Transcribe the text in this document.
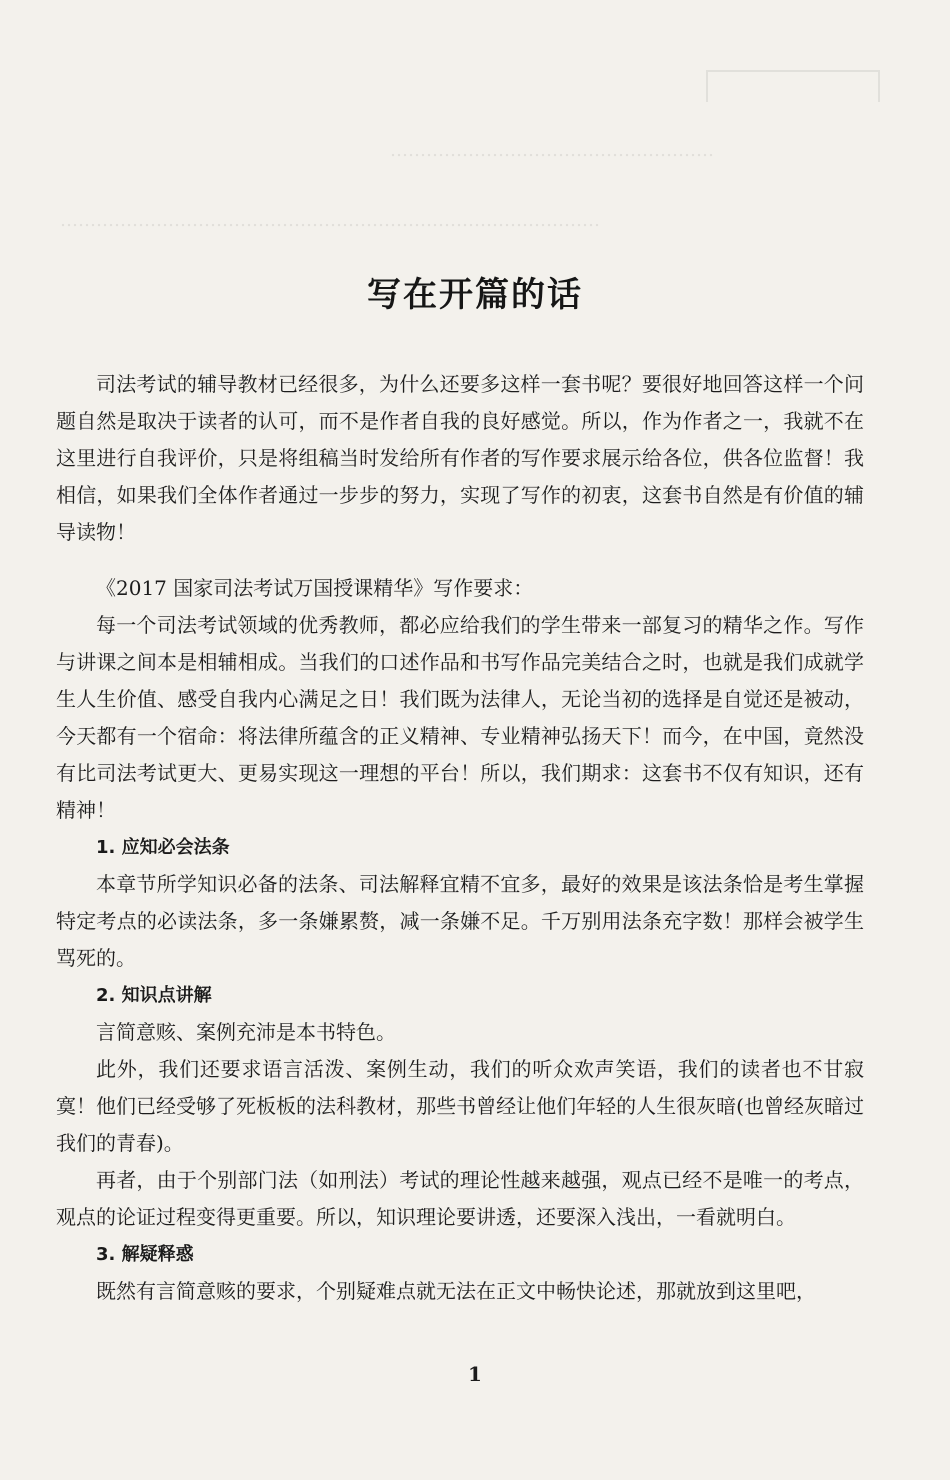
………………………………………………
………………………………………………………………………………
写在开篇的话

司法考试的辅导教材已经很多，为什么还要多这样一套书呢？要很好地回答这样一个问题自然是取决于读者的认可，而不是作者自我的良好感觉。所以，作为作者之一，我就不在这里进行自我评价，只是将组稿当时发给所有作者的写作要求展示给各位，供各位监督！我相信，如果我们全体作者通过一步步的努力，实现了写作的初衷，这套书自然是有价值的辅导读物！

《2017 国家司法考试万国授课精华》写作要求：

每一个司法考试领域的优秀教师，都必应给我们的学生带来一部复习的精华之作。写作与讲课之间本是相辅相成。当我们的口述作品和书写作品完美结合之时，也就是我们成就学生人生价值、感受自我内心满足之日！我们既为法律人，无论当初的选择是自觉还是被动，今天都有一个宿命：将法律所蕴含的正义精神、专业精神弘扬天下！而今，在中国，竟然没有比司法考试更大、更易实现这一理想的平台！所以，我们期求：这套书不仅有知识，还有精神！

1. 应知必会法条

本章节所学知识必备的法条、司法解释宜精不宜多，最好的效果是该法条恰是考生掌握特定考点的必读法条，多一条嫌累赘，减一条嫌不足。千万别用法条充字数！那样会被学生骂死的。

2. 知识点讲解

言简意赅、案例充沛是本书特色。

此外，我们还要求语言活泼、案例生动，我们的听众欢声笑语，我们的读者也不甘寂寞！他们已经受够了死板板的法科教材，那些书曾经让他们年轻的人生很灰暗(也曾经灰暗过我们的青春)。

再者，由于个别部门法（如刑法）考试的理论性越来越强，观点已经不是唯一的考点，观点的论证过程变得更重要。所以，知识理论要讲透，还要深入浅出，一看就明白。

3. 解疑释惑

既然有言简意赅的要求，个别疑难点就无法在正文中畅快论述，那就放到这里吧，

1
